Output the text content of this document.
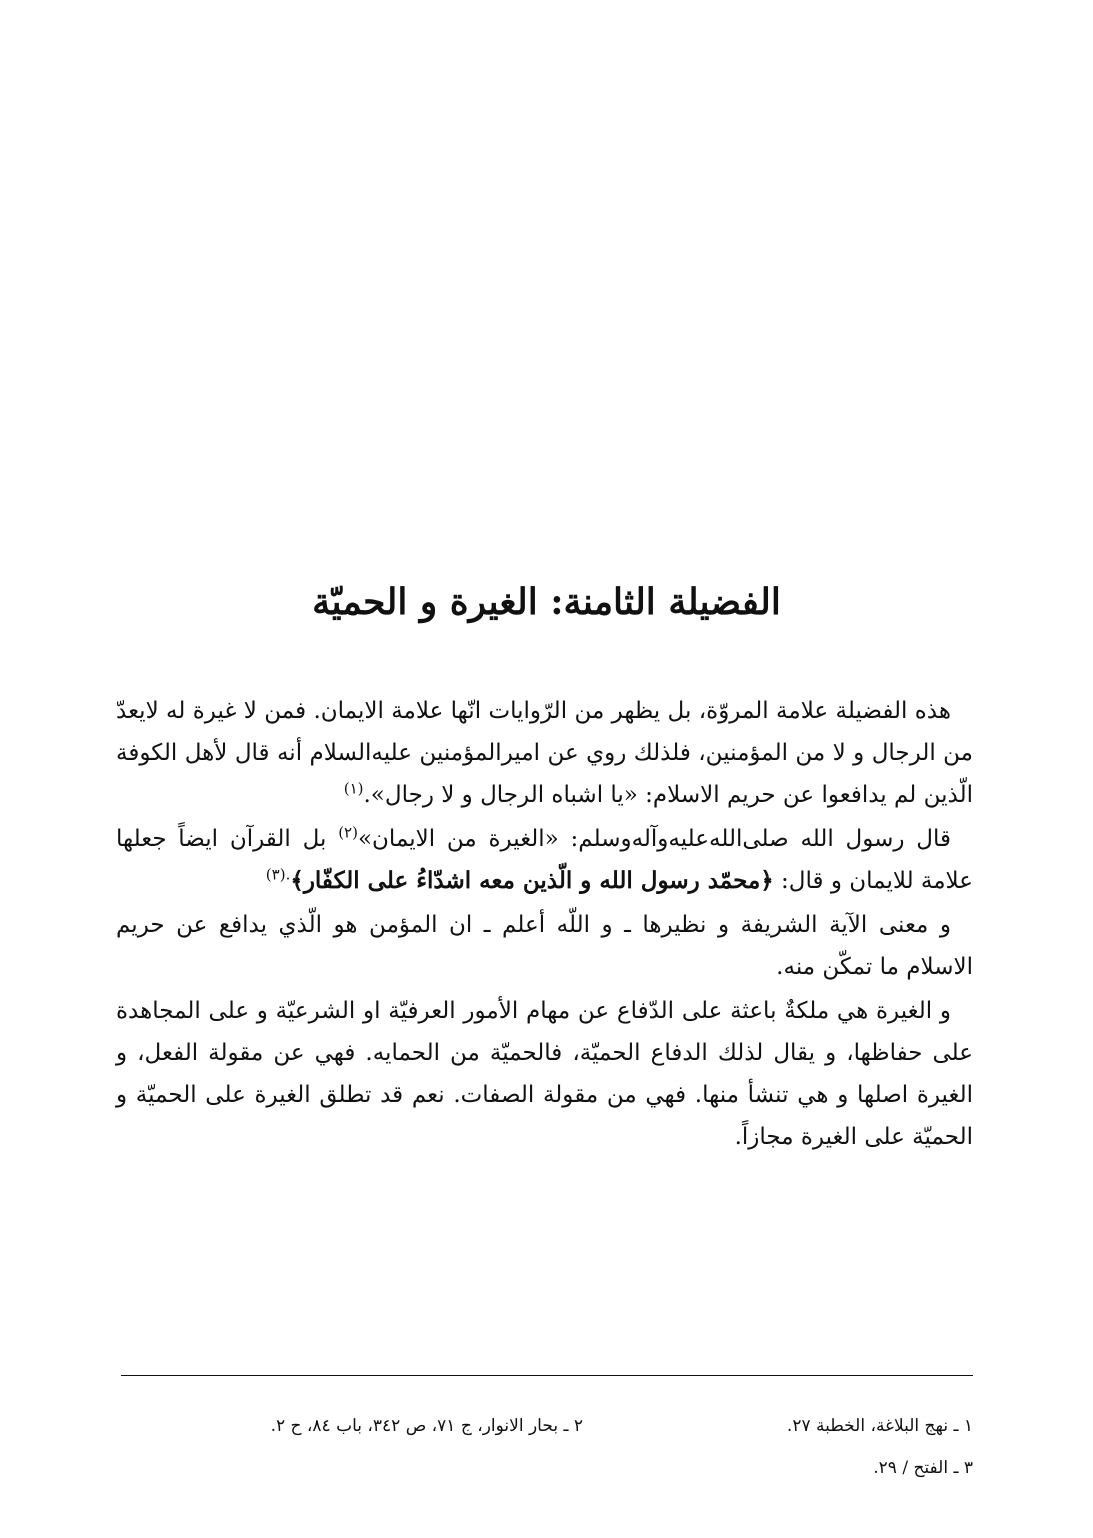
الفضيلة الثامنة: الغيرة و الحميّة

هذه الفضيلة علامة المروّة، بل يظهر من الرّوايات انّها علامة الايمان. فمن لا غيرة له لايعدّ من الرجال و لا من المؤمنين، فلذلك روي عن اميرالمؤمنين عليه‌السلام أنه قال لأهل الكوفة الّذين لم يدافعوا عن حريم الاسلام: «يا اشباه الرجال و لا رجال».$^{(١)}$

قال رسول الله صلى‌الله‌عليه‌وآله‌وسلم: «الغيرة من الايمان»$^{(٢)}$ بل القرآن ايضاً جعلها علامة للايمان و قال: ﴿محمّد رسول الله و الّذين معه اشدّاءُ على الكفّار﴾$^{.(٣)}$

و معنى الآية الشريفة و نظيرها ـ و اللّه أعلم ـ ان المؤمن هو الّذي يدافع عن حريم الاسلام ما تمكّن منه.

و الغيرة هي ملكةٌ باعثة على الدّفاع عن مهام الأمور العرفيّة او الشرعيّة و على المجاهدة على حفاظها، و يقال لذلك الدفاع الحميّة، فالحميّة من الحمايه. فهي عن مقولة الفعل، و الغيرة اصلها و هي تنشأ منها. فهي من مقولة الصفات. نعم قد تطلق الغيرة على الحميّة و الحميّة على الغيرة مجازاً.

١ ـ نهج البلاغة، الخطبة ٢٧.
٢ ـ بحار الانوار، ج ٧١، ص ٣٤٢، باب ٨٤، ح ٢.
٣ ـ الفتح / ٢٩.
